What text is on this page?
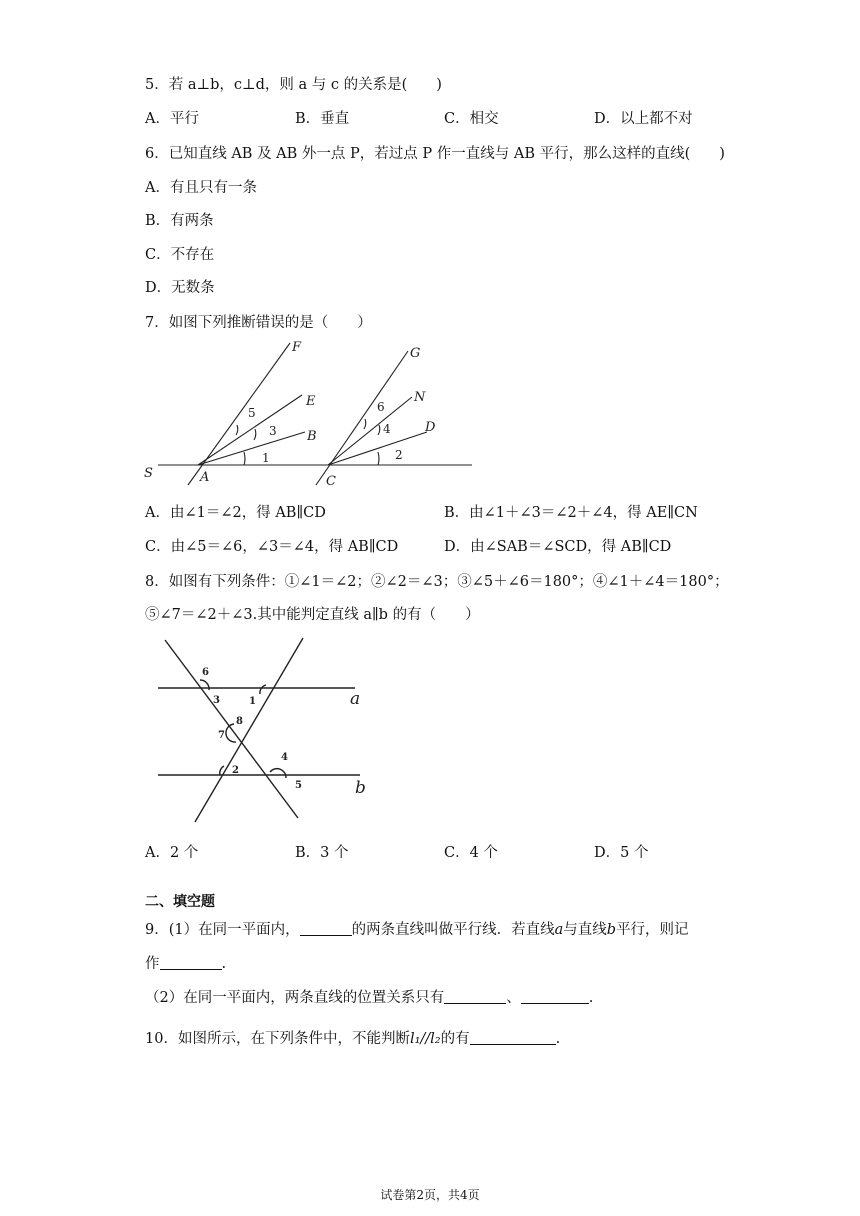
5．若 a⊥b，c⊥d，则 a 与 c 的关系是(　　)
A．平行	B．垂直	C．相交	D．以上都不对
6．已知直线 AB 及 AB 外一点 P，若过点 P 作一直线与 AB 平行，那么这样的直线(　　)
A．有且只有一条
B．有两条
C．不存在
D．无数条
7．如图下列推断错误的是（　　）
F
E
B
A
S
G
N
D
C
1
3
5
2
4
6
A．由∠1＝∠2，得 AB∥CD	B．由∠1＋∠3＝∠2＋∠4，得 AE∥CN
C．由∠5＝∠6，∠3＝∠4，得 AB∥CD	D．由∠SAB＝∠SCD，得 AB∥CD
8．如图有下列条件：①∠1＝∠2；②∠2＝∠3；③∠5＋∠6＝180°；④∠1＋∠4＝180°；
⑤∠7＝∠2＋∠3.其中能判定直线 a∥b 的有（　　）
6
3	1
8
7
2
4
5
a
b
A．2 个	B．3 个	C．4 个	D．5 个
二、填空题
9．(1）在同一平面内，	的两条直线叫做平行线．若直线a与直线b平行，则记
作	.
（2）在同一平面内，两条直线的位置关系只有	、	.
10．如图所示，在下列条件中，不能判断l₁//l₂的有	.
试卷第2页，共4页
